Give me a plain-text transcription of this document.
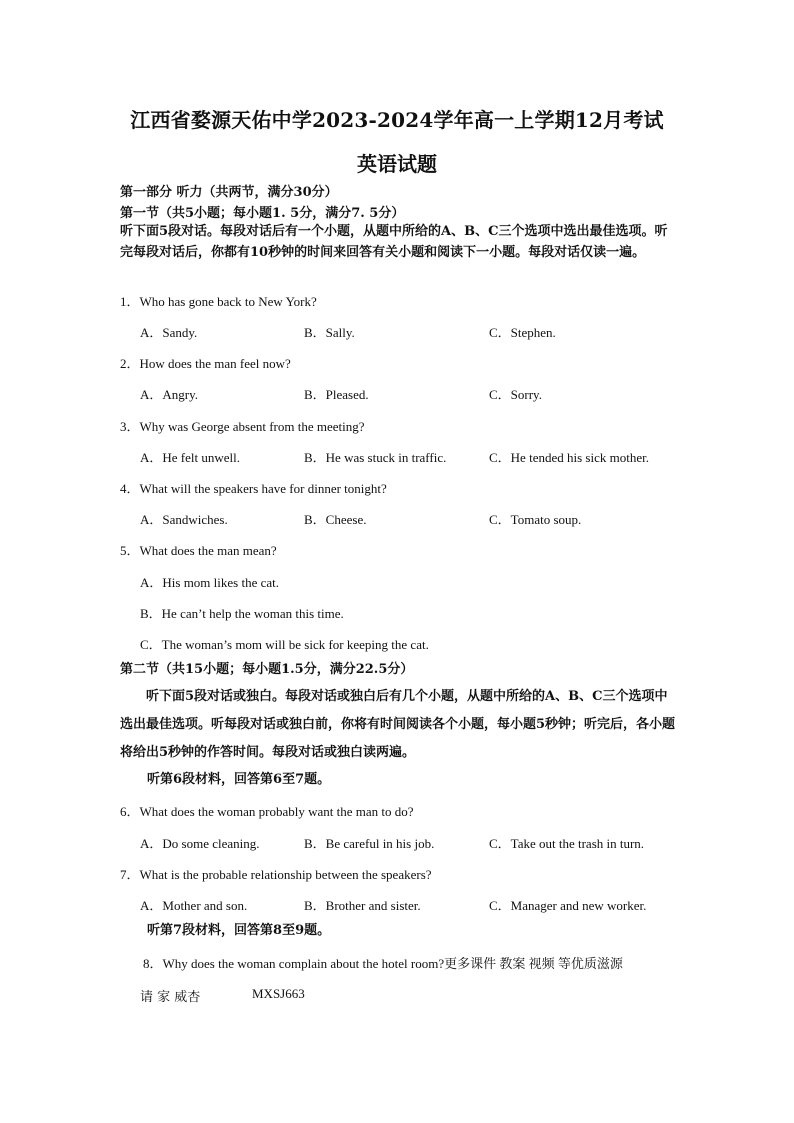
江西省婺源天佑中学2023-2024学年高一上学期12月考试
英语试题
第一部分 听力（共两节，满分30分）
第一节（共5小题；每小题1. 5分，满分7. 5分）
听下面5段对话。每段对话后有一个小题，从题中所给的A、B、C三个选项中选出最佳选项。听完每段对话后，你都有10秒钟的时间来回答有关小题和阅读下一小题。每段对话仅读一遍。
1．Who has gone back to New York?
A．Sandy.	B．Sally.	C．Stephen.
2．How does the man feel now?
A．Angry.	B．Pleased.	C．Sorry.
3．Why was George absent from the meeting?
A．He felt unwell.	B．He was stuck in traffic.	C．He tended his sick mother.
4．What will the speakers have for dinner tonight?
A．Sandwiches.	B．Cheese.	C．Tomato soup.
5．What does the man mean?
A．His mom likes the cat.
B．He can’t help the woman this time.
C．The woman’s mom will be sick for keeping the cat.
第二节（共15小题；每小题1.5分，满分22.5分）
听下面5段对话或独白。每段对话或独白后有几个小题，从题中所给的A、B、C三个选项中选出最佳选项。听每段对话或独白前，你将有时间阅读各个小题，每小题5秒钟；听完后，各小题将给出5秒钟的作答时间。每段对话或独白读两遍。
听第6段材料，回答第6至7题。
6．What does the woman probably want the man to do?
A．Do some cleaning.	B．Be careful in his job.	C．Take out the trash in turn.
7．What is the probable relationship between the speakers?
A．Mother and son.	B．Brother and sister.	C．Manager and new worker.
听第7段材料，回答第8至9题。
8．Why does the woman complain about the hotel room?更多课件 教案 视频 等优质滋源
请 家 威杏	MXSJ663
